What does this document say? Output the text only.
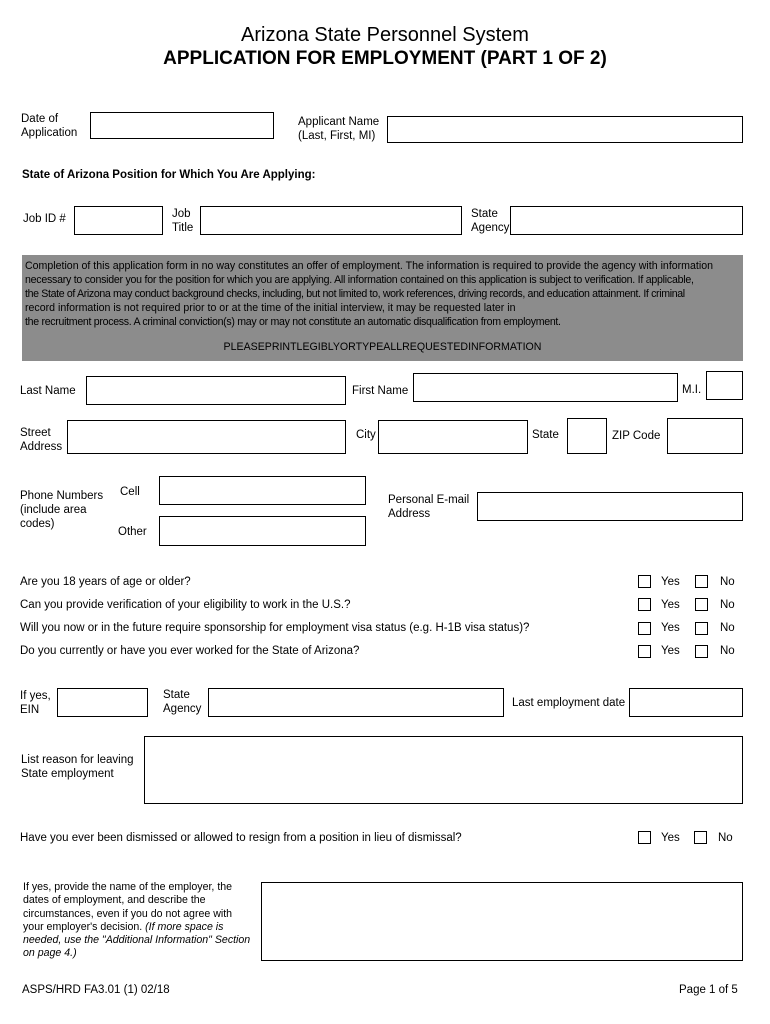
Arizona State Personnel System
APPLICATION FOR EMPLOYMENT (PART 1 OF 2)
Date of
Application
Applicant Name
(Last, First, MI)
State of Arizona Position for Which You Are Applying:
Job ID #	Job
Title
State
Agency
Completion of this application form in no way constitutes an offer of employment. The information is required to provide the agency with information
necessary to consider you for the position for which you are applying. All information contained on this application is subject to verification. If applicable,
the State of Arizona may conduct background checks, including, but not limited to, work references, driving records, and education attainment. If criminal
record information is not required prior to or at the time of the initial interview, it may be requested later in
the recruitment process. A criminal conviction(s) may or may not constitute an automatic disqualification from employment.
PLEASEPRINTLEGIBLYORTYPEALLREQUESTEDINFORMATION
Last Name	First Name	M.I.
Street
Address
City	State	ZIP Code
Phone Numbers
(include area
codes)
Cell
Other
Personal E-mail
Address
Are you 18 years of age or older?	Yes	No
Can you provide verification of your eligibility to work in the U.S.?	Yes	No
Will you now or in the future require sponsorship for employment visa status (e.g. H-1B visa status)?	Yes	No
Do you currently or have you ever worked for the State of Arizona?	Yes	No
If yes,
EIN
State
Agency	Last employment date
List reason for leaving
State employment
Have you ever been dismissed or allowed to resign from a position in lieu of dismissal?	Yes	No
If yes, provide the name of the employer, the
dates of employment, and describe the
circumstances, even if you do not agree with
your employer's decision. (If more space is
needed, use the "Additional Information" Section
on page 4.)
ASPS/HRD FA3.01 (1) 02/18	Page 1 of 5
